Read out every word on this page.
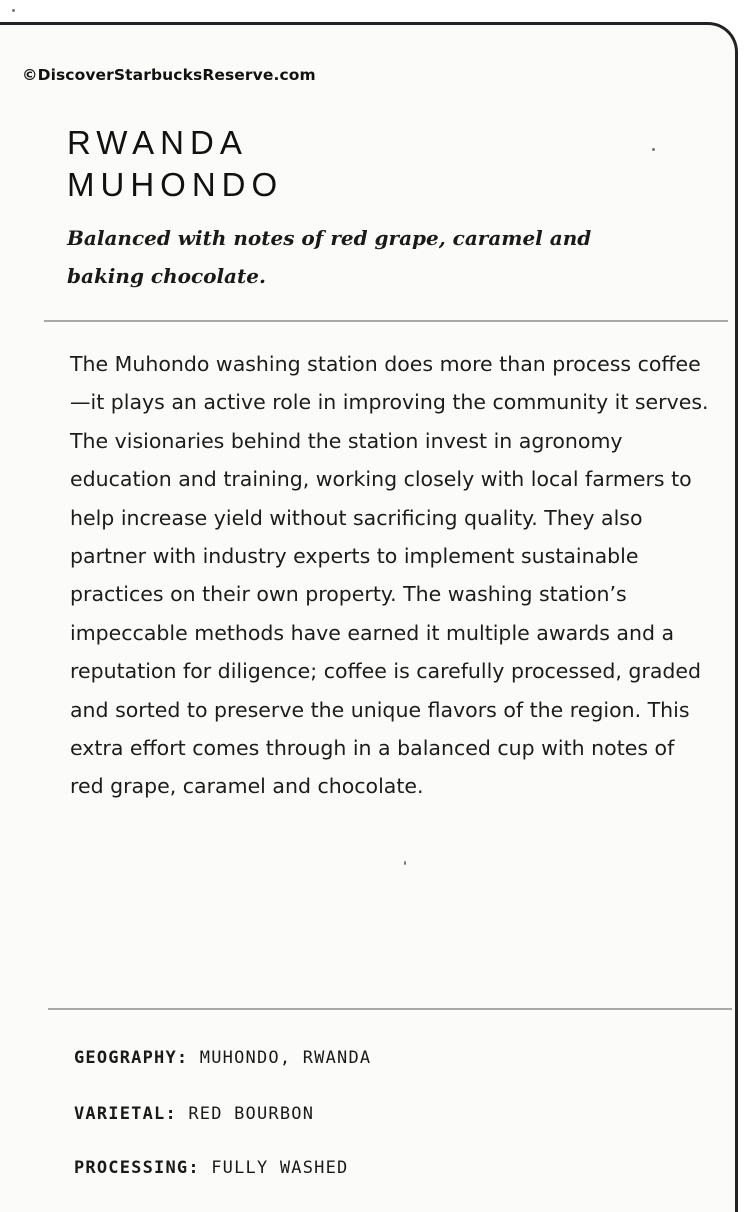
©DiscoverStarbucksReserve.com
RWANDA
MUHONDO

Balanced with notes of red grape, caramel and baking chocolate.

The Muhondo washing station does more than process coffee—it plays an active role in improving the community it serves. The visionaries behind the station invest in agronomy education and training, working closely with local farmers to help increase yield without sacrificing quality. They also partner with industry experts to implement sustainable practices on their own property. The washing station’s impeccable methods have earned it multiple awards and a reputation for diligence; coffee is carefully processed, graded and sorted to preserve the unique flavors of the region. This extra effort comes through in a balanced cup with notes of red grape, caramel and chocolate.

GEOGRAPHY: MUHONDO, RWANDA
VARIETAL: RED BOURBON
PROCESSING: FULLY WASHED
